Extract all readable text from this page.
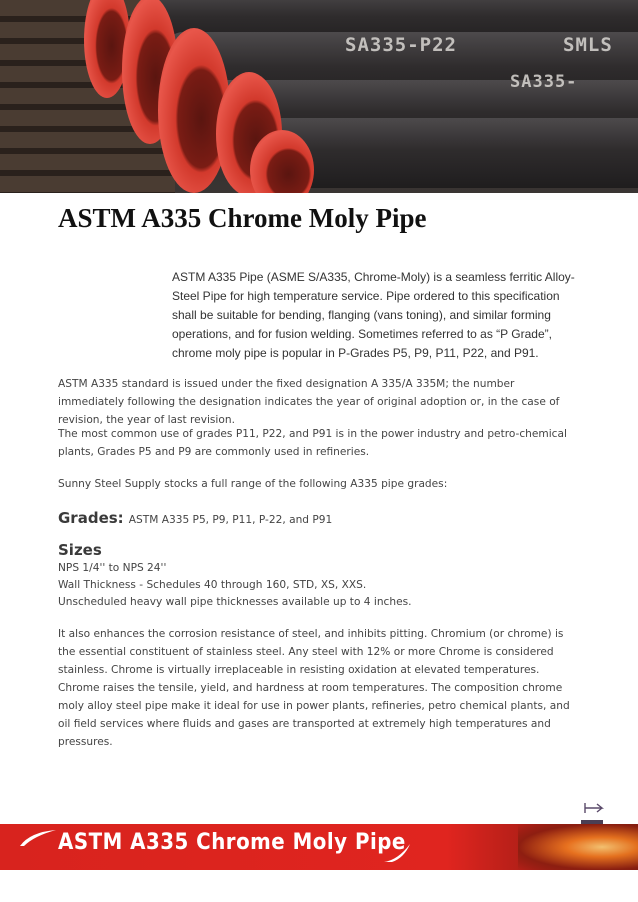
SA335-P22	SMLS
SA335-
ASTM A335 Chrome Moly Pipe

ASTM A335 Pipe (ASME S/A335, Chrome-Moly) is a seamless ferritic Alloy-Steel Pipe for high temperature service. Pipe ordered to this specification shall be suitable for bending, flanging (vans toning), and similar forming operations, and for fusion welding. Sometimes referred to as “P Grade”, chrome moly pipe is popular in P-Grades P5, P9, P11, P22, and P91.

ASTM A335 standard is issued under the fixed designation A 335/A 335M; the number immediately following the designation indicates the year of original adoption or, in the case of revision, the year of last revision.

The most common use of grades P11, P22, and P91 is in the power industry and petro-chemical plants, Grades P5 and P9 are commonly used in refineries.

Sunny Steel Supply stocks a full range of the following A335 pipe grades:

Grades: ASTM A335 P5, P9, P11, P-22, and P91

Sizes

NPS 1/4'' to NPS 24''

Wall Thickness - Schedules 40 through 160, STD, XS, XXS.

Unscheduled heavy wall pipe thicknesses available up to 4 inches.

It also enhances the corrosion resistance of steel, and inhibits pitting. Chromium (or chrome) is the essential constituent of stainless steel. Any steel with 12% or more Chrome is considered stainless. Chrome is virtually irreplaceable in resisting oxidation at elevated temperatures. Chrome raises the tensile, yield, and hardness at room temperatures. The composition chrome moly alloy steel pipe make it ideal for use in power plants, refineries, petro chemical plants, and oil field services where fluids and gases are transported at extremely high temperatures and pressures.

ASTM A335 Chrome Moly Pipe
